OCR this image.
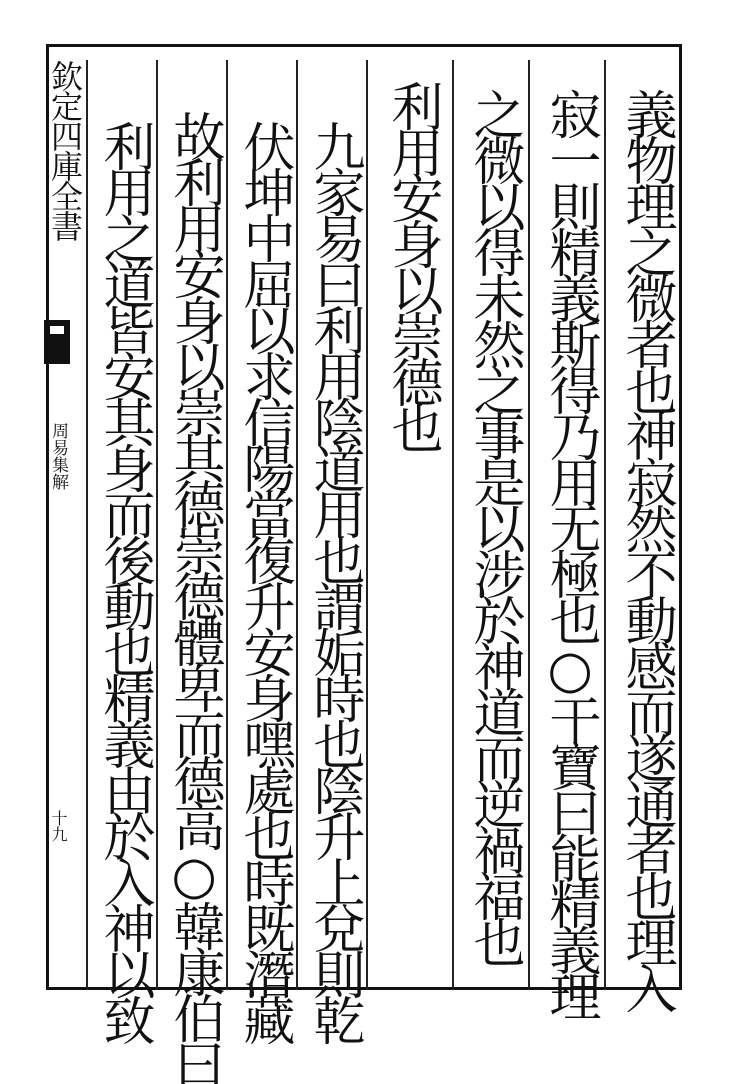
欽定四庫全書
周易集解
十九	義物理之微者也神寂然不動感而遂通者也理入
寂一則精義斯得乃用无極也○干寶曰能精義理
之微以得未然之事是以涉於神道而逆禍福也
利用安身以崇德也
九家易曰利用陰道用也謂姤時也陰升上兌則乾
伏坤中屈以求信陽當復升安身嘿處也時既潛藏
故利用安身以崇其德崇德體卑而德高○韓康伯曰
利用之道皆安其身而後動也精義由於入神以致
